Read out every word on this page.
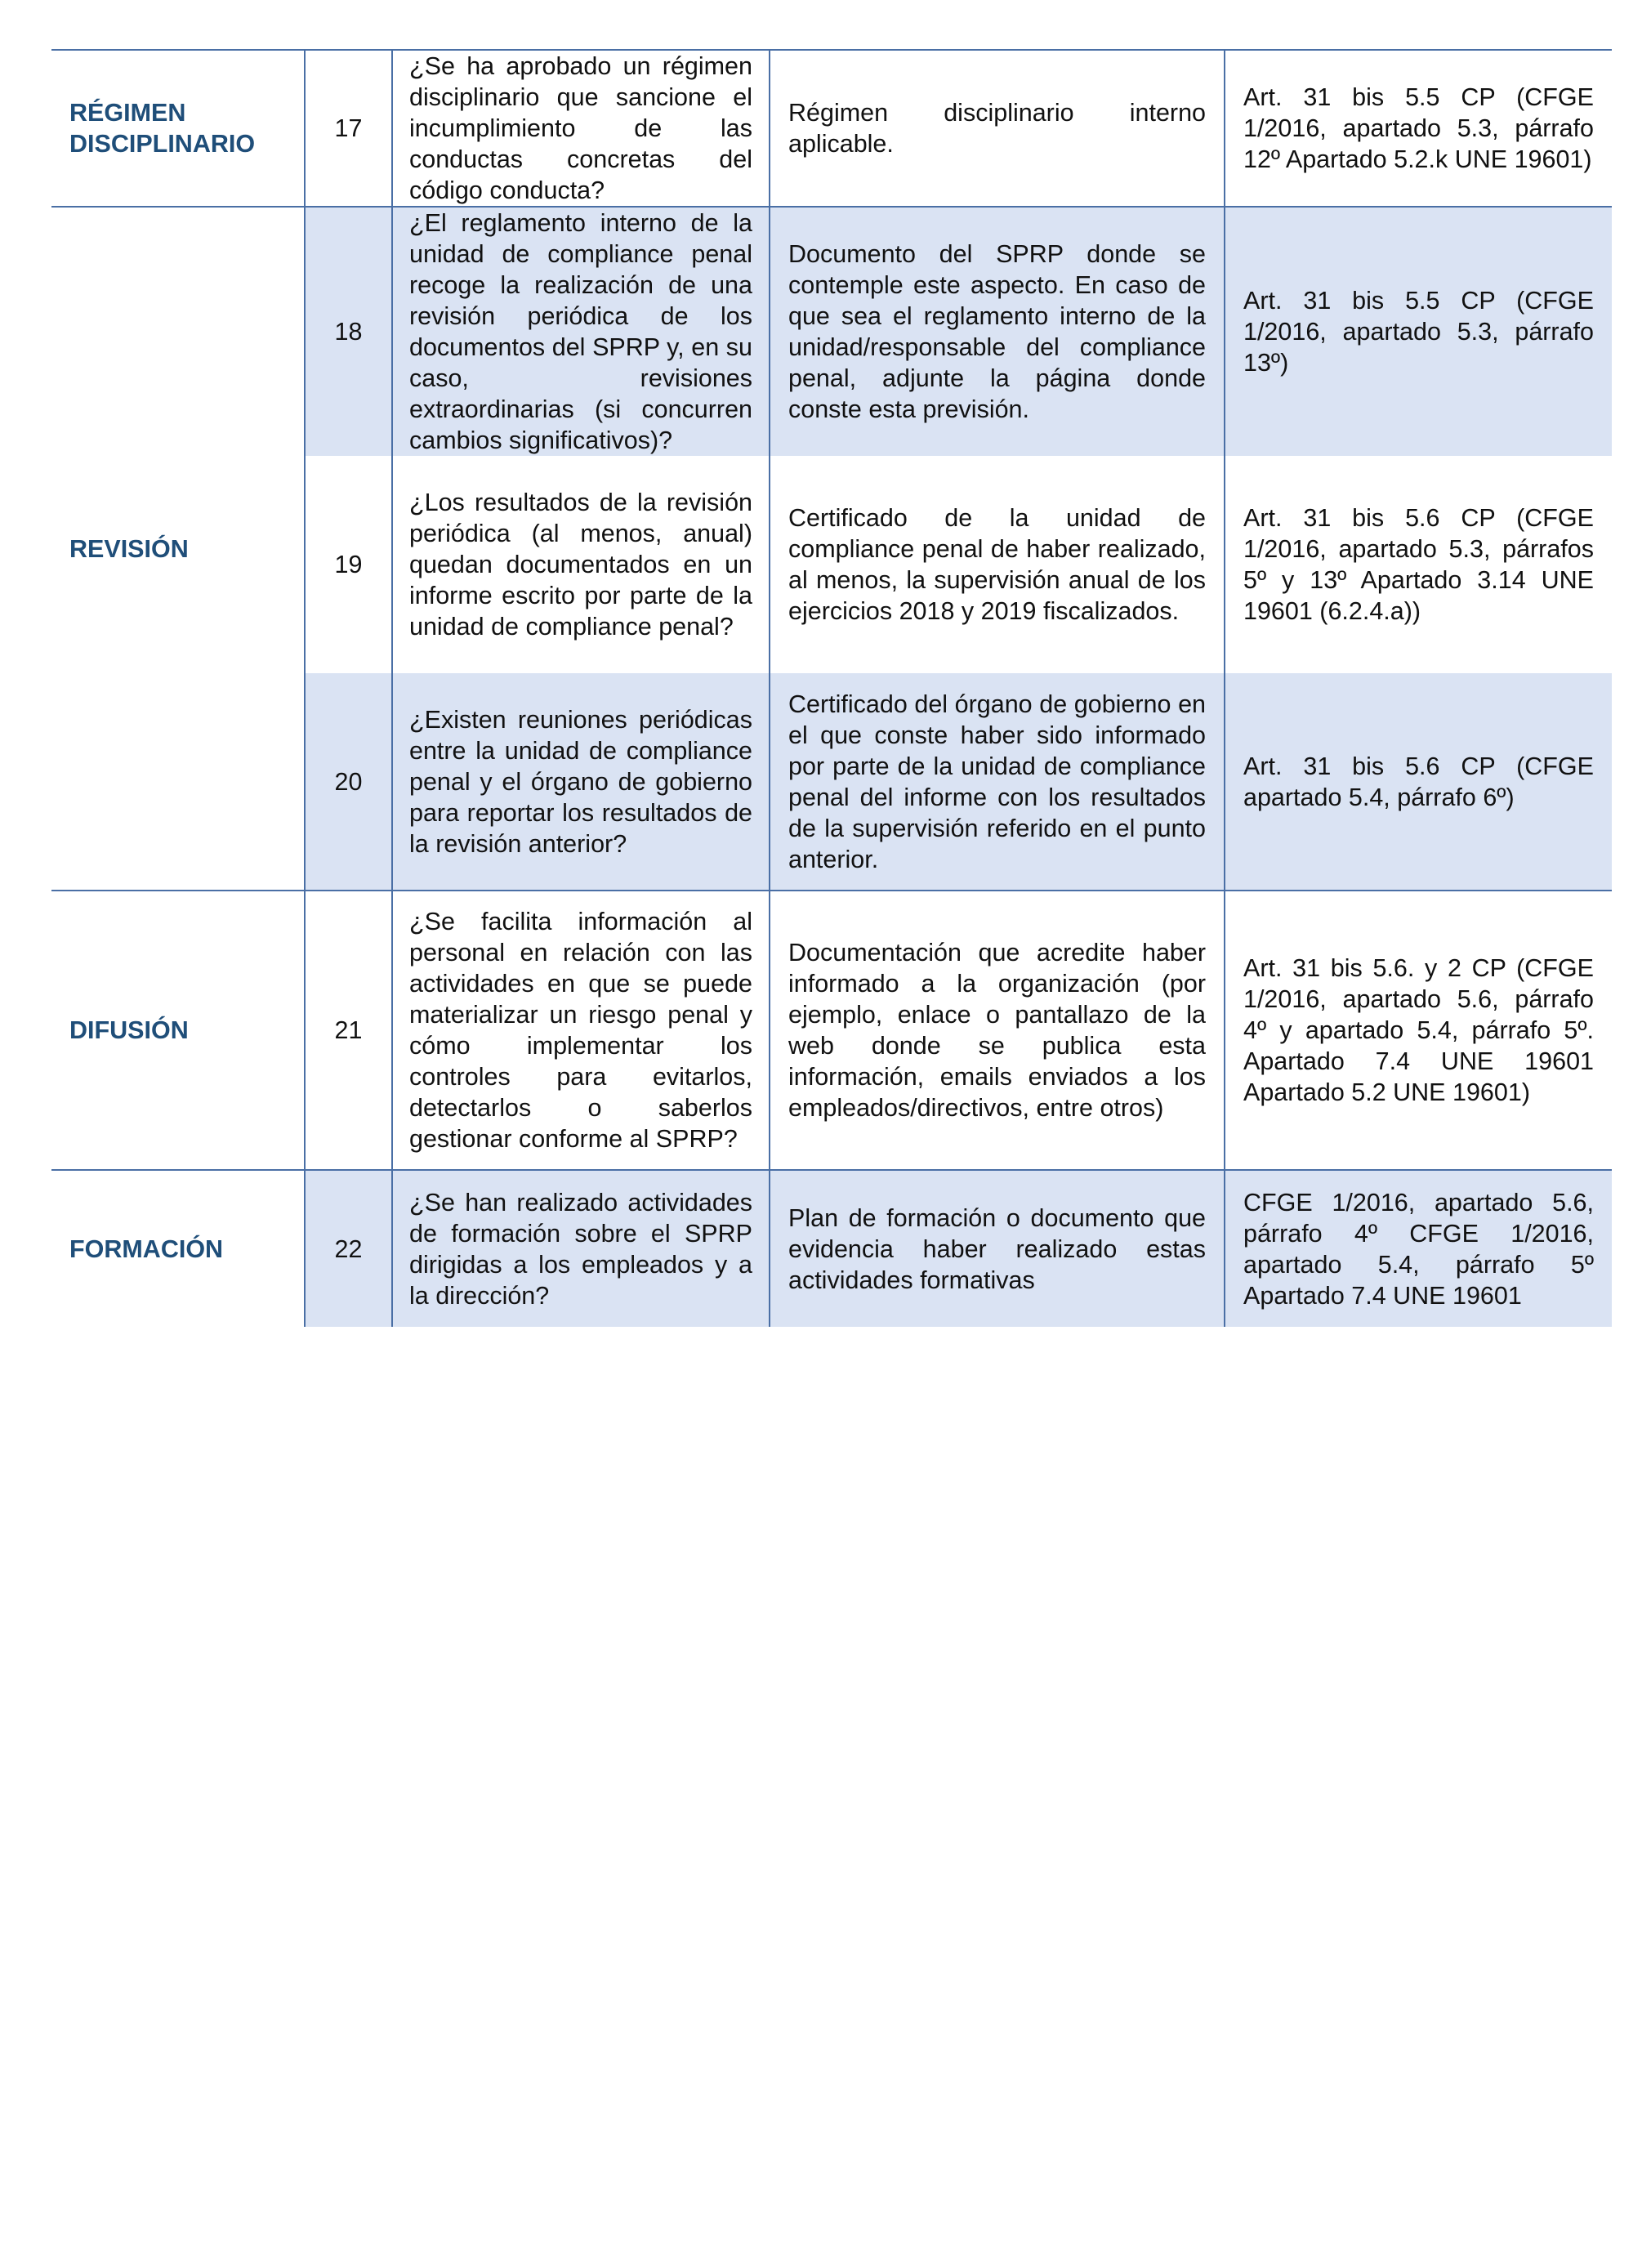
RÉGIMEN DISCIPLINARIO	17	¿Se ha aprobado un régimen disciplinario que sancione el incumplimiento de las conductas concretas del código conducta?	Régimen disciplinario interno aplicable.	Art. 31 bis 5.5 CP (CFGE 1/2016, apartado 5.3, párrafo 12º Apartado 5.2.k UNE 19601)
REVISIÓN	18	¿El reglamento interno de la unidad de compliance penal recoge la realización de una revisión periódica de los documentos del SPRP y, en su caso, revisiones extraordinarias (si concurren cambios significativos)?	Documento del SPRP donde se contemple este aspecto. En caso de que sea el reglamento interno de la unidad/responsable del compliance penal, adjunte la página donde conste esta previsión.	Art. 31 bis 5.5 CP (CFGE 1/2016, apartado 5.3, párrafo 13º)
	19	¿Los resultados de la revisión periódica (al menos, anual) quedan documentados en un informe escrito por parte de la unidad de compliance penal?	Certificado de la unidad de compliance penal de haber realizado, al menos, la supervisión anual de los ejercicios 2018 y 2019 fiscalizados.	Art. 31 bis 5.6 CP (CFGE 1/2016, apartado 5.3, párrafos 5º y 13º Apartado 3.14 UNE 19601 (6.2.4.a))
	20	¿Existen reuniones periódicas entre la unidad de compliance penal y el órgano de gobierno para reportar los resultados de la revisión anterior?	Certificado del órgano de gobierno en el que conste haber sido informado por parte de la unidad de compliance penal del informe con los resultados de la supervisión referido en el punto anterior.	Art. 31 bis 5.6 CP (CFGE apartado 5.4, párrafo 6º)
DIFUSIÓN	21	¿Se facilita información al personal en relación con las actividades en que se puede materializar un riesgo penal y cómo implementar los controles para evitarlos, detectarlos o saberlos gestionar conforme al SPRP?	Documentación que acredite haber informado a la organización (por ejemplo, enlace o pantallazo de la web donde se publica esta información, emails enviados a los empleados/directivos, entre otros)	Art. 31 bis 5.6. y 2 CP (CFGE 1/2016, apartado 5.6, párrafo 4º y apartado 5.4, párrafo 5º. Apartado 7.4 UNE 19601 Apartado 5.2 UNE 19601)
FORMACIÓN	22	¿Se han realizado actividades de formación sobre el SPRP dirigidas a los empleados y a la dirección?	Plan de formación o documento que evidencia haber realizado estas actividades formativas	CFGE 1/2016, apartado 5.6, párrafo 4º CFGE 1/2016, apartado 5.4, párrafo 5º Apartado 7.4 UNE 19601
